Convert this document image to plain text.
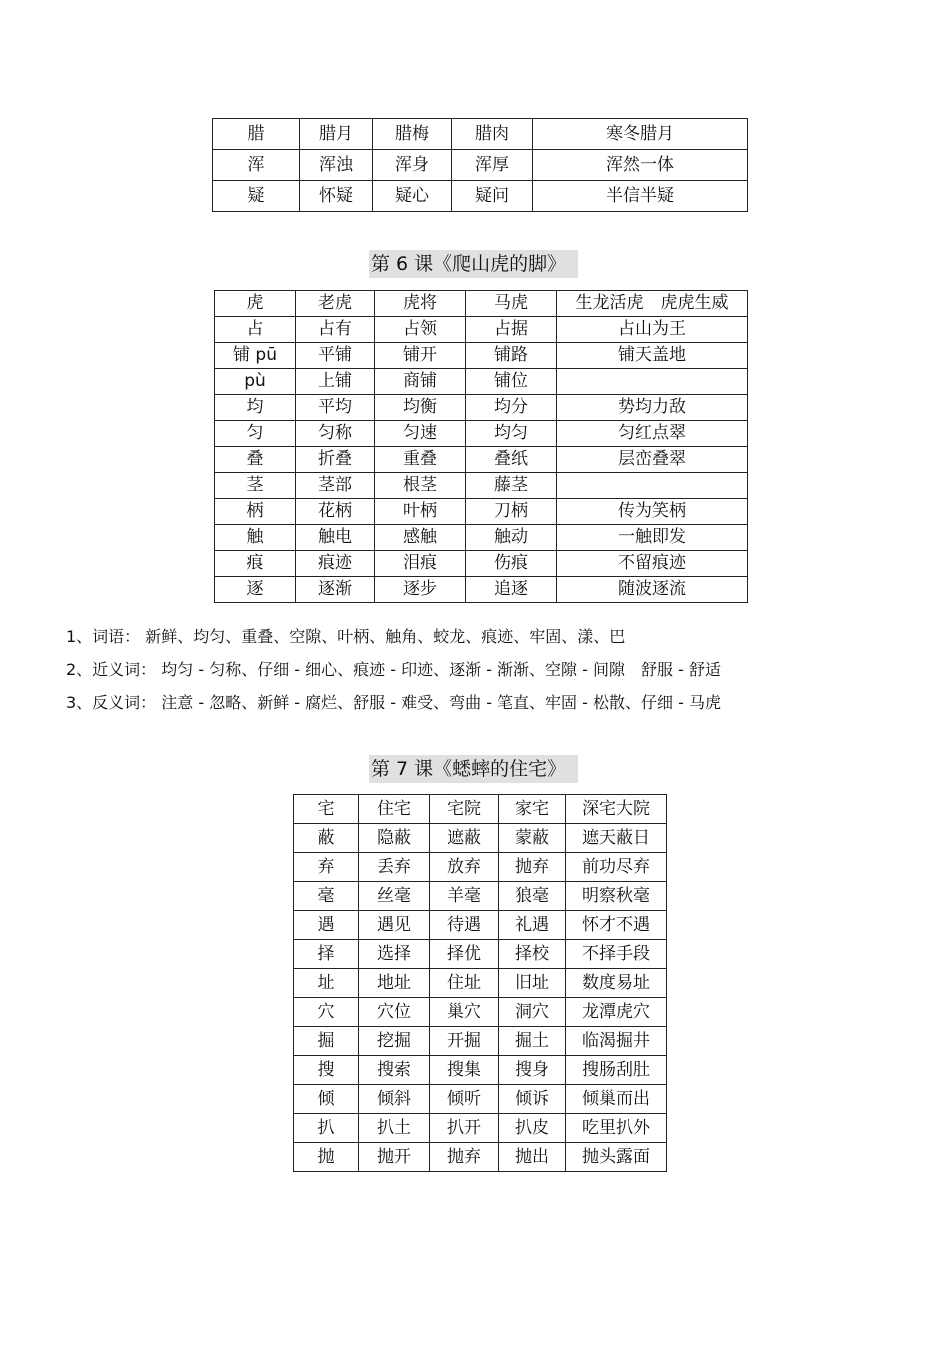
腊	腊月	腊梅	腊肉	寒冬腊月
浑	浑浊	浑身	浑厚	浑然一体
疑	怀疑	疑心	疑问	半信半疑
第 6 课《爬山虎的脚》
虎	老虎	虎将	马虎	生龙活虎　虎虎生威
占	占有	占领	占据	占山为王
铺 pū	平铺	铺开	铺路	铺天盖地
pù	上铺	商铺	铺位	
均	平均	均衡	均分	势均力敌
匀	匀称	匀速	均匀	匀红点翠
叠	折叠	重叠	叠纸	层峦叠翠
茎	茎部	根茎	藤茎	
柄	花柄	叶柄	刀柄	传为笑柄
触	触电	感触	触动	一触即发
痕	痕迹	泪痕	伤痕	不留痕迹
逐	逐渐	逐步	追逐	随波逐流
1、词语： 新鲜、均匀、重叠、空隙、叶柄、触角、蛟龙、痕迹、牢固、漾、巴
2、近义词： 均匀 - 匀称、仔细 - 细心、痕迹 - 印迹、逐渐 - 渐渐、空隙 - 间隙　舒服 - 舒适
3、反义词： 注意 - 忽略、新鲜 - 腐烂、舒服 - 难受、弯曲 - 笔直、牢固 - 松散、仔细 - 马虎
第 7 课《蟋蟀的住宅》
宅	住宅	宅院	家宅	深宅大院
蔽	隐蔽	遮蔽	蒙蔽	遮天蔽日
弃	丢弃	放弃	抛弃	前功尽弃
毫	丝毫	羊毫	狼毫	明察秋毫
遇	遇见	待遇	礼遇	怀才不遇
择	选择	择优	择校	不择手段
址	地址	住址	旧址	数度易址
穴	穴位	巢穴	洞穴	龙潭虎穴
掘	挖掘	开掘	掘土	临渴掘井
搜	搜索	搜集	搜身	搜肠刮肚
倾	倾斜	倾听	倾诉	倾巢而出
扒	扒土	扒开	扒皮	吃里扒外
抛	抛开	抛弃	抛出	抛头露面
